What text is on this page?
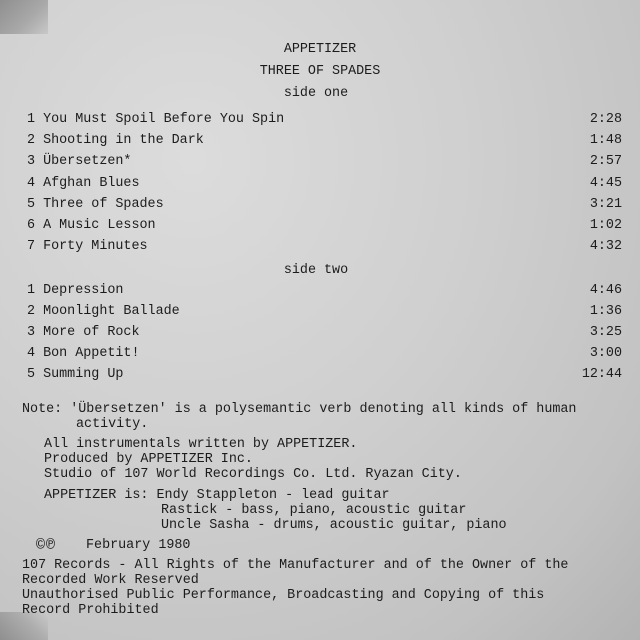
APPETIZER
THREE OF SPADES
side one
1 You Must Spoil Before You Spin	2:28
2 Shooting in the Dark	1:48
3 Übersetzen*	2:57
4 Afghan Blues	4:45
5 Three of Spades	3:21
6 A Music Lesson	1:02
7 Forty Minutes	4:32
side two
1 Depression	4:46
2 Moonlight Ballade	1:36
3 More of Rock	3:25
4 Bon Appetit!	3:00
5 Summing Up	12:44
Note: 'Übersetzen' is a polysemantic verb denoting all kinds of human
activity.
All instrumentals written by APPETIZER.
Produced by APPETIZER Inc.
Studio of 107 World Recordings Co. Ltd. Ryazan City.
APPETIZER is: Endy Stappleton - lead guitar
Rastick - bass, piano, acoustic guitar
Uncle Sasha - drums, acoustic guitar, piano
©℗ February 1980
107 Records - All Rights of the Manufacturer and of the Owner of the
Recorded Work Reserved
Unauthorised Public Performance, Broadcasting and Copying of this
Record Prohibited
